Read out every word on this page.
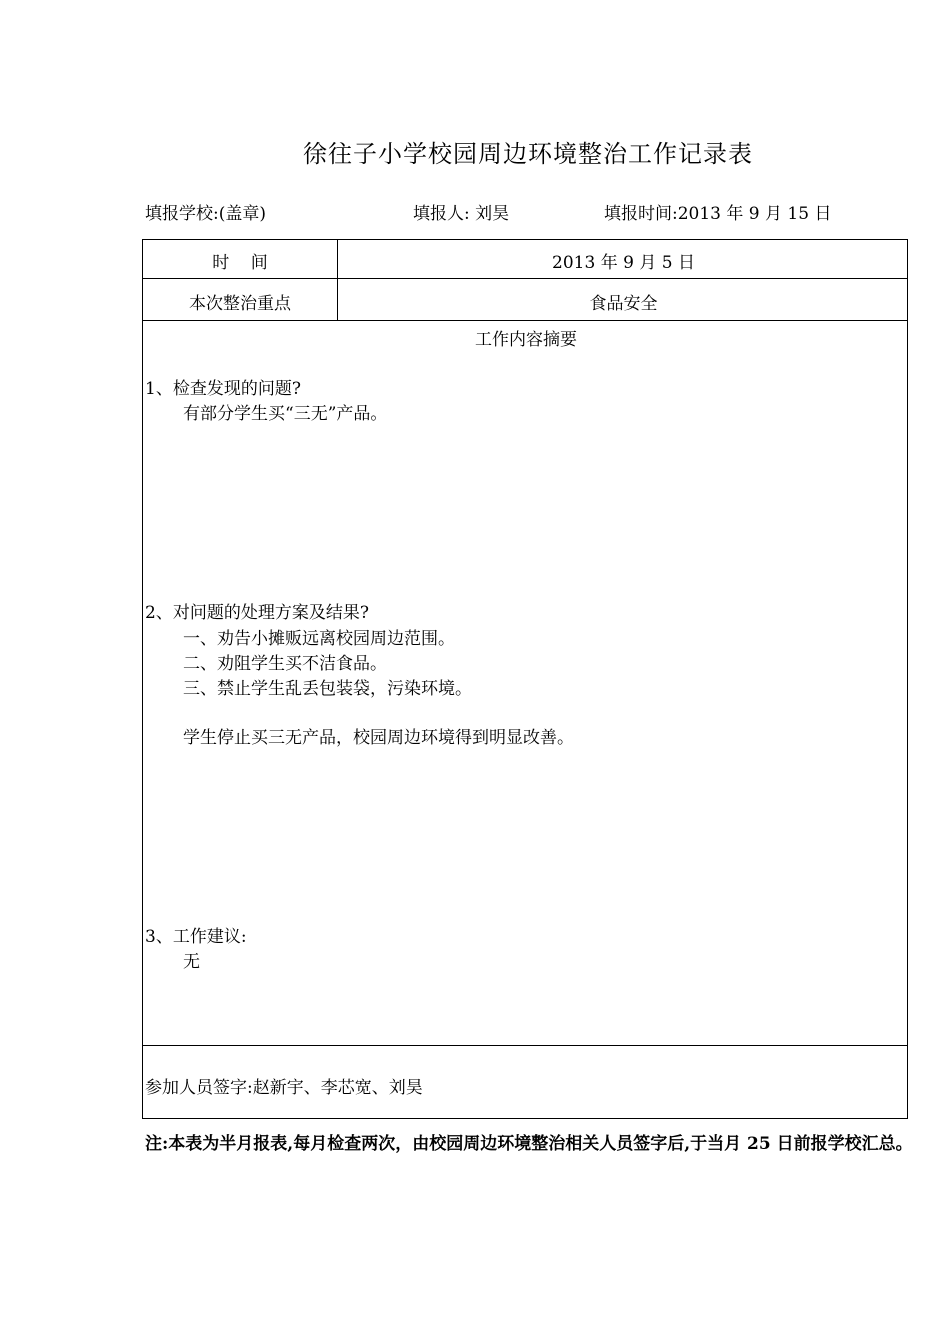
徐往子小学校园周边环境整治工作记录表
填报学校:(盖章)	填报人: 刘昊	填报时间:2013 年 9 月 15 日
时    间	2013 年 9 月 5 日
本次整治重点	食品安全
工作内容摘要
1、检查发现的问题?
有部分学生买“三无”产品。
2、对问题的处理方案及结果?
一、劝告小摊贩远离校园周边范围。
二、劝阻学生买不洁食品。
三、禁止学生乱丢包装袋，污染环境。
学生停止买三无产品，校园周边环境得到明显改善。
3、工作建议:
无
参加人员签字:赵新宇、李芯宽、刘昊
注:本表为半月报表,每月检查两次，由校园周边环境整治相关人员签字后,于当月 25 日前报学校汇总。
